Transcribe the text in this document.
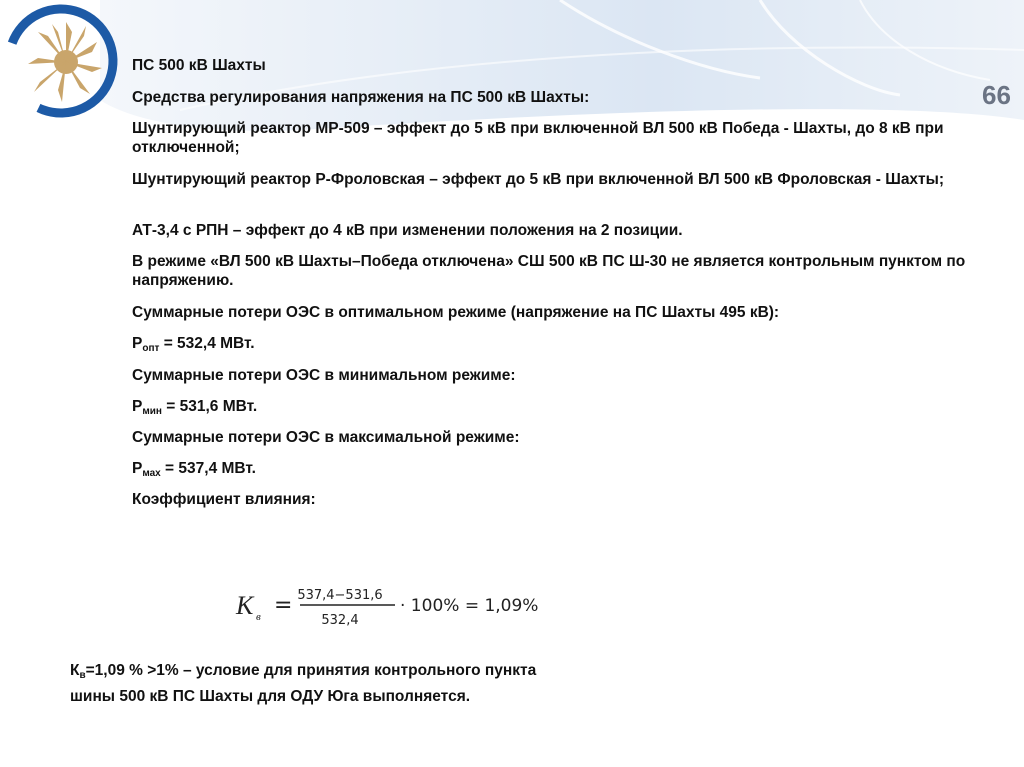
66

ПС 500 кВ Шахты

Средства регулирования напряжения на ПС 500 кВ Шахты:

Шунтирующий реактор МР-509 – эффект до 5 кВ при включенной ВЛ 500 кВ Победа - Шахты, до 8 кВ при отключенной;

Шунтирующий реактор Р-Фроловская – эффект до 5 кВ при включенной ВЛ 500 кВ Фроловская - Шахты;

АТ-3,4 с РПН – эффект до 4 кВ при изменении положения на 2 позиции.

В режиме «ВЛ 500 кВ Шахты–Победа отключена» СШ 500 кВ ПС Ш-30 не является контрольным пунктом по напряжению.

Суммарные потери ОЭС в оптимальном режиме (напряжение на ПС Шахты 495 кВ):

$P_{опт} = 532,4$ МВт.

Суммарные потери ОЭС в минимальном режиме:

$P_{мин} = 531,6$ МВт.

Суммарные потери ОЭС в максимальной режиме:

$P_{мах} = 537,4$ МВт.

Коэффициент влияния:

K в = 537,4−531,6
532,4
· 100% = 1,09%

$К_в=1,09$ % >1% – условие для принятия контрольного пункта шины 500 кВ ПС Шахты для ОДУ Юга выполняется.
